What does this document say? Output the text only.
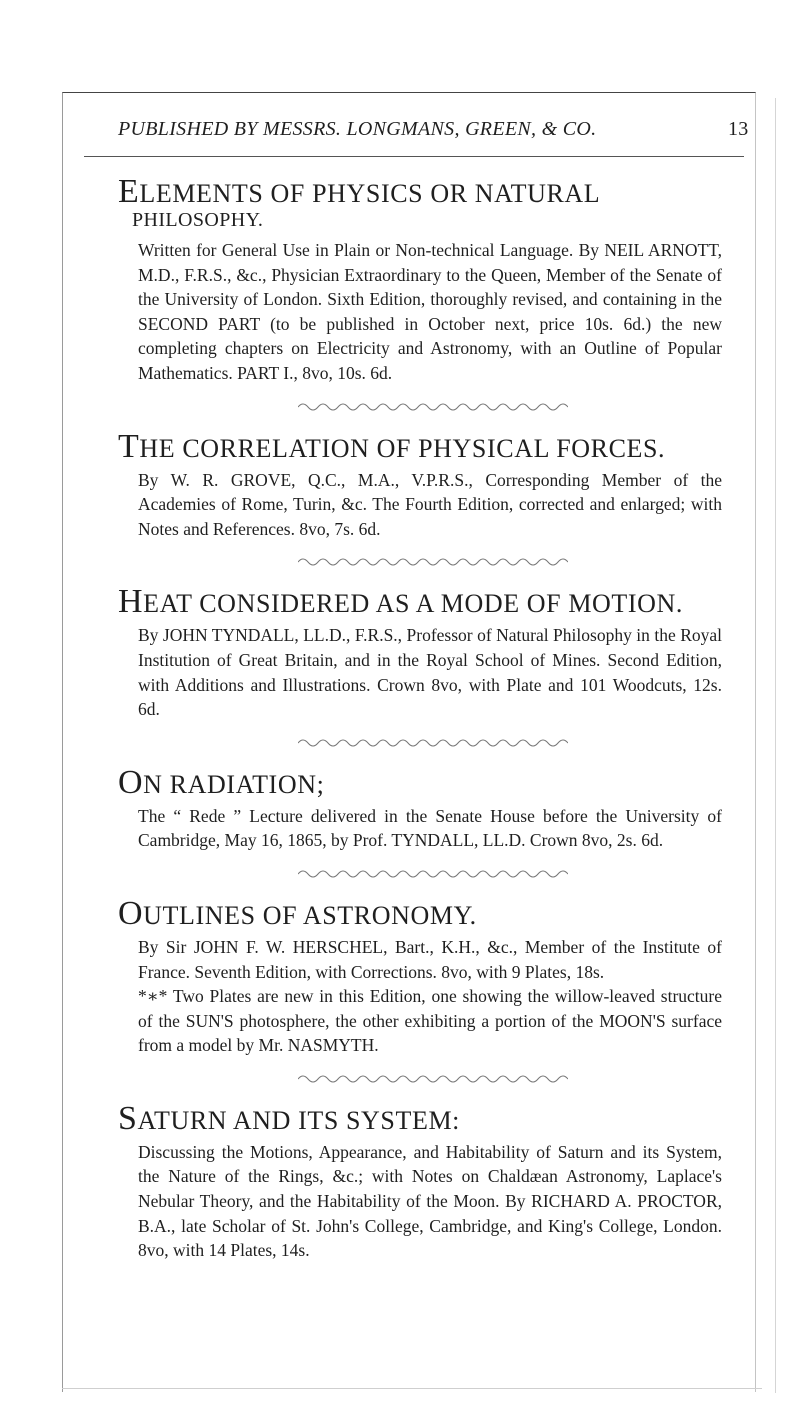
PUBLISHED BY MESSRS. LONGMANS, GREEN, & CO.	13
ELEMENTS OF PHYSICS OR NATURAL
PHILOSOPHY.

Written for General Use in Plain or Non-technical Language. By NEIL ARNOTT, M.D., F.R.S., &c., Physician Extraordinary to the Queen, Member of the Senate of the University of London. Sixth Edition, thoroughly revised, and containing in the SECOND PART (to be published in October next, price 10s. 6d.) the new completing chapters on Electricity and Astronomy, with an Outline of Popular Mathematics. PART I., 8vo, 10s. 6d.

THE CORRELATION OF PHYSICAL FORCES.

By W. R. GROVE, Q.C., M.A., V.P.R.S., Corresponding Member of the Academies of Rome, Turin, &c. The Fourth Edition, corrected and enlarged; with Notes and References. 8vo, 7s. 6d.

HEAT CONSIDERED AS A MODE OF MOTION.

By JOHN TYNDALL, LL.D., F.R.S., Professor of Natural Philosophy in the Royal Institution of Great Britain, and in the Royal School of Mines. Second Edition, with Additions and Illustrations. Crown 8vo, with Plate and 101 Woodcuts, 12s. 6d.

ON RADIATION;

The “ Rede ” Lecture delivered in the Senate House before the University of Cambridge, May 16, 1865, by Prof. TYNDALL, LL.D. Crown 8vo, 2s. 6d.

OUTLINES OF ASTRONOMY.

By Sir JOHN F. W. HERSCHEL, Bart., K.H., &c., Member of the Institute of France. Seventh Edition, with Corrections. 8vo, with 9 Plates, 18s.

*∗* Two Plates are new in this Edition, one showing the willow-leaved structure of the SUN'S photosphere, the other exhibiting a portion of the MOON'S surface from a model by Mr. NASMYTH.

SATURN AND ITS SYSTEM:

Discussing the Motions, Appearance, and Habitability of Saturn and its System, the Nature of the Rings, &c.; with Notes on Chaldæan Astronomy, Laplace's Nebular Theory, and the Habitability of the Moon. By RICHARD A. PROCTOR, B.A., late Scholar of St. John's College, Cambridge, and King's College, London. 8vo, with 14 Plates, 14s.
